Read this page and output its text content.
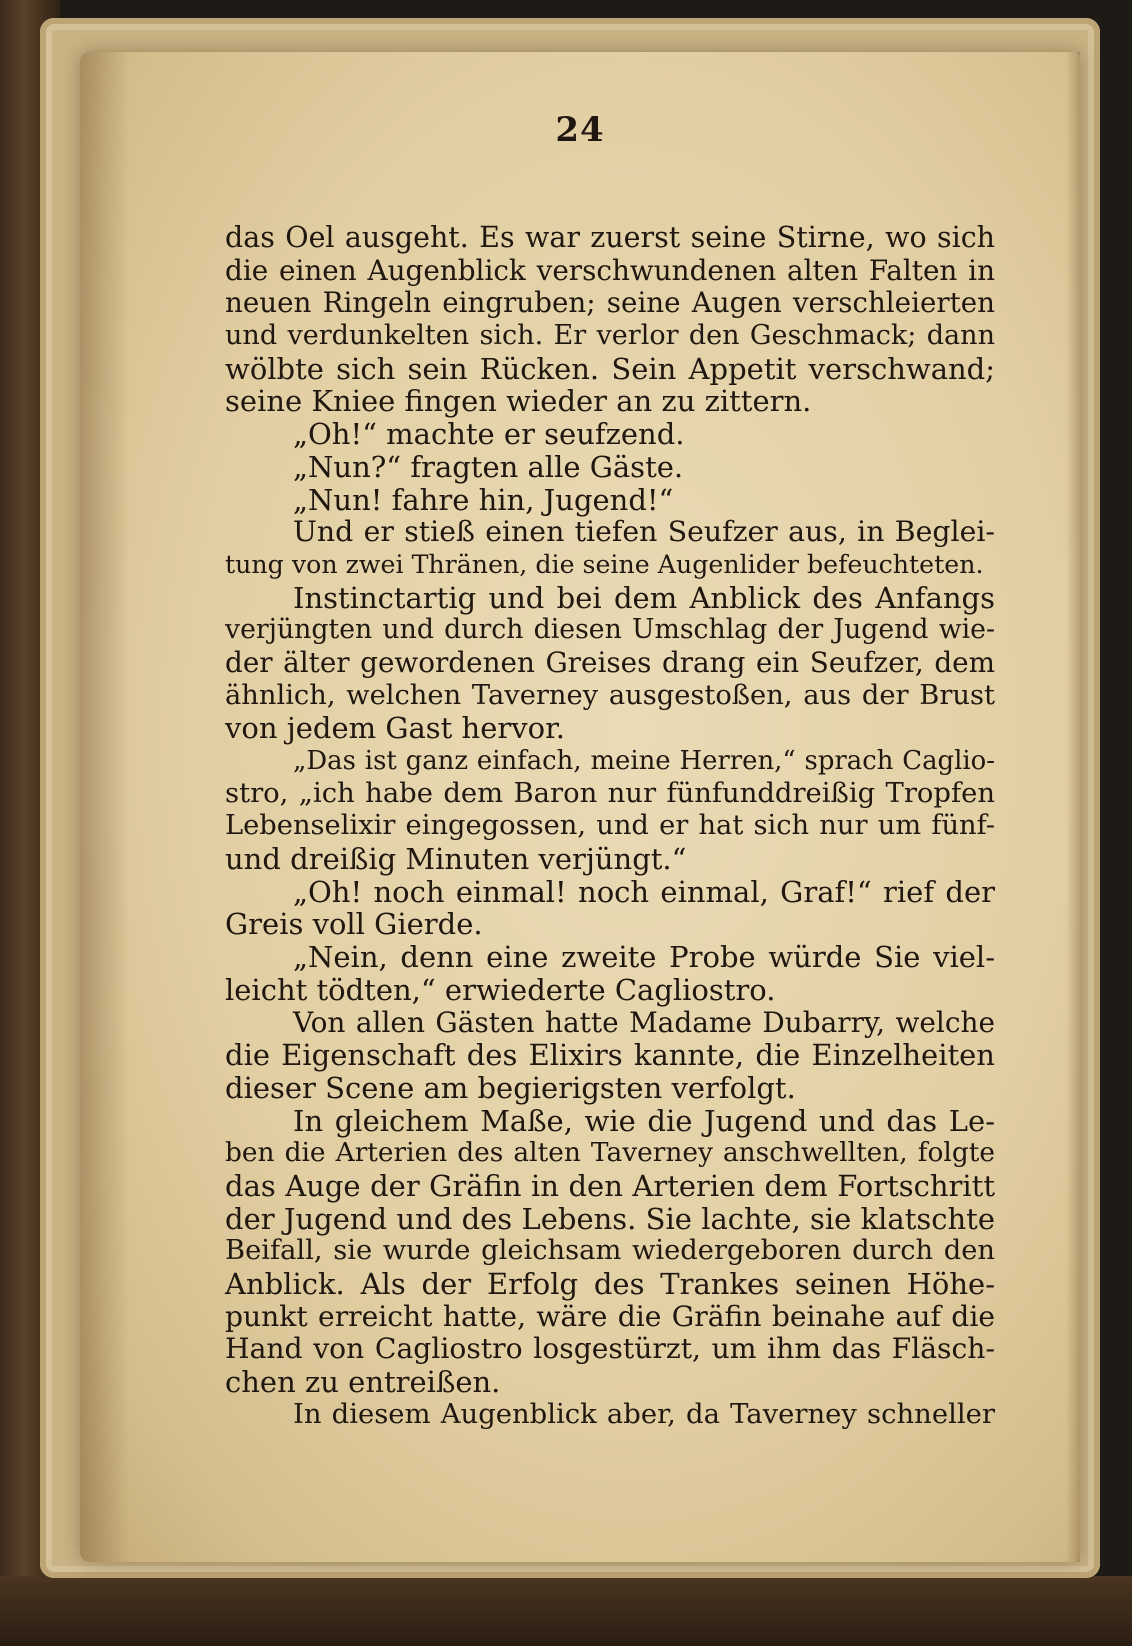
24
das Oel ausgeht. Es war zuerst seine Stirne, wo sich
die einen Augenblick verschwundenen alten Falten in
neuen Ringeln eingruben; seine Augen verschleierten
und verdunkelten sich. Er verlor den Geschmack; dann
wölbte sich sein Rücken. Sein Appetit verschwand;
seine Kniee fingen wieder an zu zittern.
„Oh!“ machte er seufzend.
„Nun?“ fragten alle Gäste.
„Nun! fahre hin, Jugend!“
Und er stieß einen tiefen Seufzer aus, in Beglei-
tung von zwei Thränen, die seine Augenlider befeuchteten.
Instinctartig und bei dem Anblick des Anfangs
verjüngten und durch diesen Umschlag der Jugend wie-
der älter gewordenen Greises drang ein Seufzer, dem
ähnlich, welchen Taverney ausgestoßen, aus der Brust
von jedem Gast hervor.
„Das ist ganz einfach, meine Herren,“ sprach Caglio-
stro, „ich habe dem Baron nur fünfunddreißig Tropfen
Lebenselixir eingegossen, und er hat sich nur um fünf-
und dreißig Minuten verjüngt.“
„Oh! noch einmal! noch einmal, Graf!“ rief der
Greis voll Gierde.
„Nein, denn eine zweite Probe würde Sie viel-
leicht tödten,“ erwiederte Cagliostro.
Von allen Gästen hatte Madame Dubarry, welche
die Eigenschaft des Elixirs kannte, die Einzelheiten
dieser Scene am begierigsten verfolgt.
In gleichem Maße, wie die Jugend und das Le-
ben die Arterien des alten Taverney anschwellten, folgte
das Auge der Gräfin in den Arterien dem Fortschritt
der Jugend und des Lebens. Sie lachte, sie klatschte
Beifall, sie wurde gleichsam wiedergeboren durch den
Anblick. Als der Erfolg des Trankes seinen Höhe-
punkt erreicht hatte, wäre die Gräfin beinahe auf die
Hand von Cagliostro losgestürzt, um ihm das Fläsch-
chen zu entreißen.
In diesem Augenblick aber, da Taverney schneller
